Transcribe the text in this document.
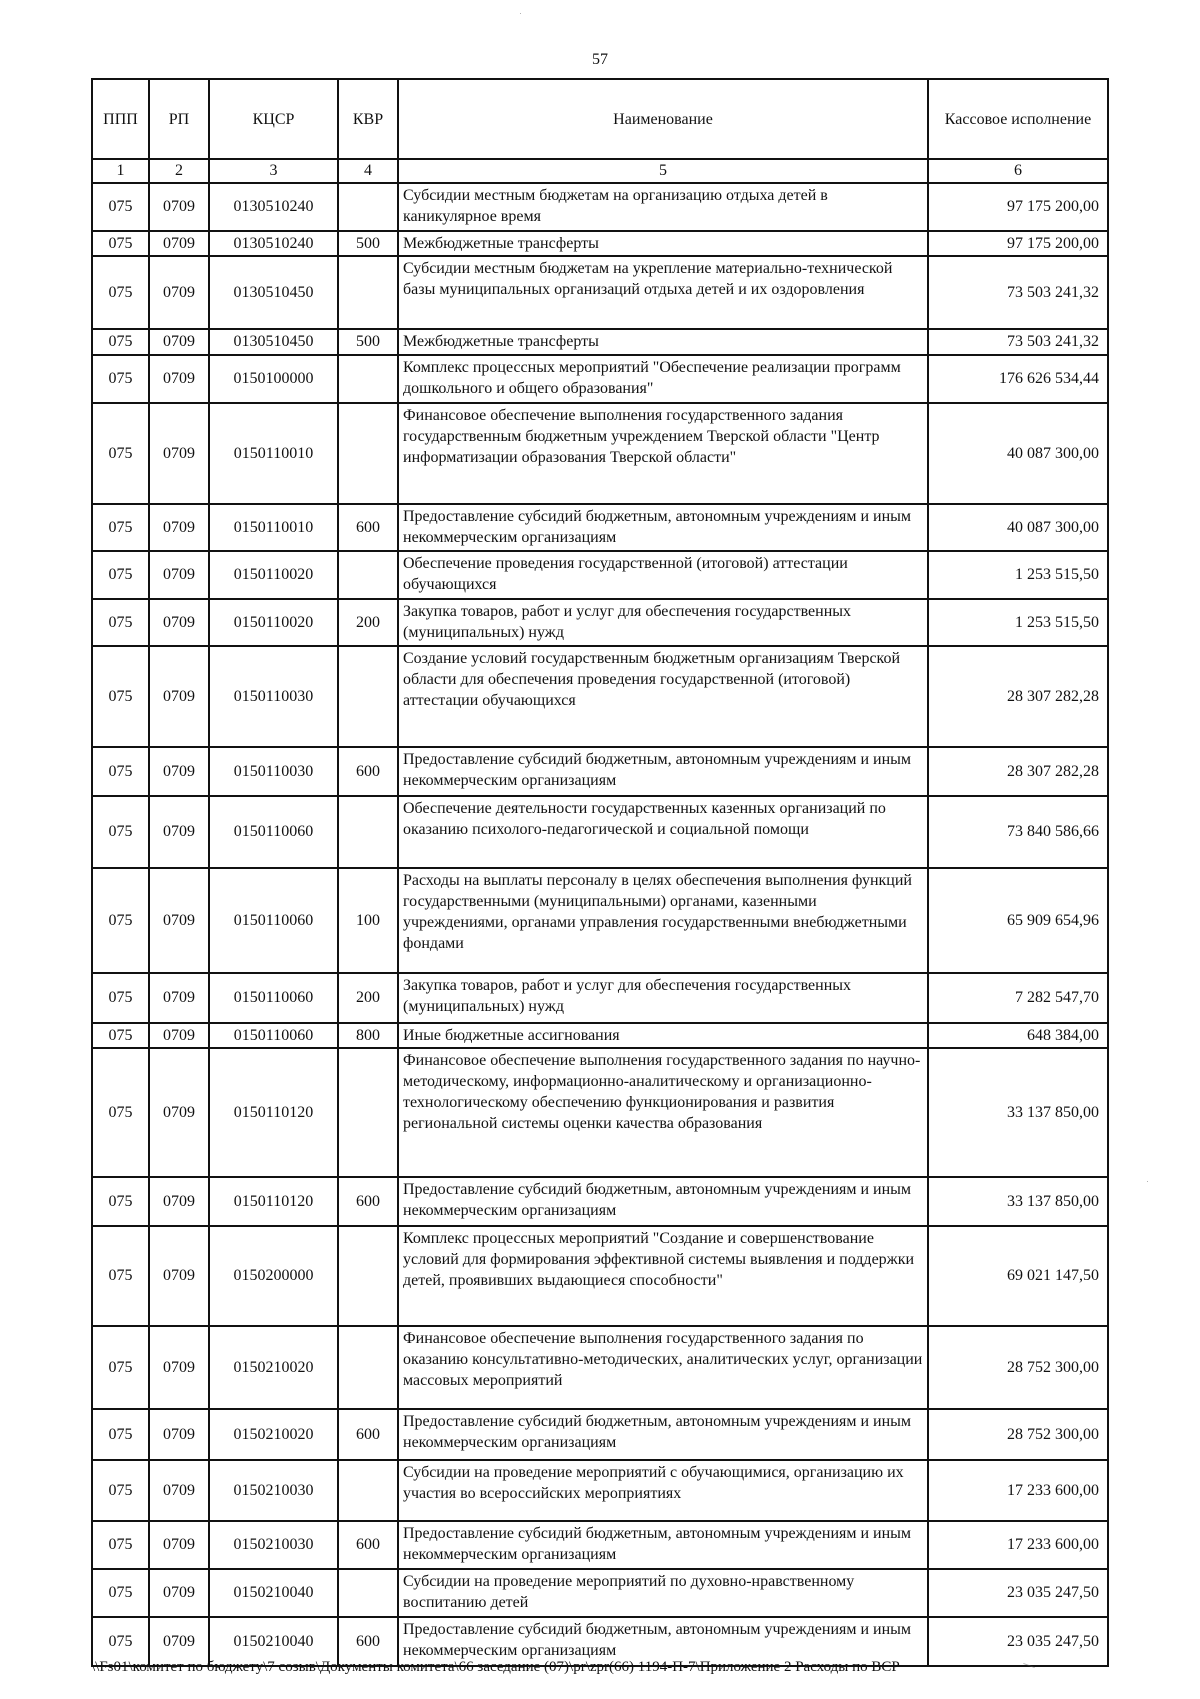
57
ППП	РП	КЦСР	КВР	Наименование	Кассовое исполнение
1	2	3	4	5	6
075	0709	0130510240		Субсидии местным бюджетам на организацию отдыха детей в каникулярное время	97 175 200,00
075	0709	0130510240	500	Межбюджетные трансферты	97 175 200,00
075	0709	0130510450		Субсидии местным бюджетам на укрепление материально-технической базы муниципальных организаций отдыха детей и их оздоровления	73 503 241,32
075	0709	0130510450	500	Межбюджетные трансферты	73 503 241,32
075	0709	0150100000		Комплекс процессных мероприятий "Обеспечение реализации программ дошкольного и общего образования"	176 626 534,44
075	0709	0150110010		Финансовое обеспечение выполнения государственного задания государственным бюджетным учреждением Тверской области "Центр информатизации образования Тверской области"	40 087 300,00
075	0709	0150110010	600	Предоставление субсидий бюджетным, автономным учреждениям и иным некоммерческим организациям	40 087 300,00
075	0709	0150110020		Обеспечение проведения государственной (итоговой) аттестации обучающихся	1 253 515,50
075	0709	0150110020	200	Закупка товаров, работ и услуг для обеспечения государственных (муниципальных) нужд	1 253 515,50
075	0709	0150110030		Создание условий государственным бюджетным организациям Тверской области для обеспечения проведения государственной (итоговой) аттестации обучающихся	28 307 282,28
075	0709	0150110030	600	Предоставление субсидий бюджетным, автономным учреждениям и иным некоммерческим организациям	28 307 282,28
075	0709	0150110060		Обеспечение деятельности государственных казенных организаций по оказанию психолого-педагогической и социальной помощи	73 840 586,66
075	0709	0150110060	100	Расходы на выплаты персоналу в целях обеспечения выполнения функций государственными (муниципальными) органами, казенными учреждениями, органами управления государственными внебюджетными фондами	65 909 654,96
075	0709	0150110060	200	Закупка товаров, работ и услуг для обеспечения государственных (муниципальных) нужд	7 282 547,70
075	0709	0150110060	800	Иные бюджетные ассигнования	648 384,00
075	0709	0150110120		Финансовое обеспечение выполнения государственного задания по научно-методическому, информационно-аналитическому и организационно-технологическому обеспечению функционирования и развития региональной системы оценки качества образования	33 137 850,00
075	0709	0150110120	600	Предоставление субсидий бюджетным, автономным учреждениям и иным некоммерческим организациям	33 137 850,00
075	0709	0150200000		Комплекс процессных мероприятий "Создание и совершенствование условий для формирования эффективной системы выявления и поддержки детей, проявивших выдающиеся способности"	69 021 147,50
075	0709	0150210020		Финансовое обеспечение выполнения государственного задания по оказанию консультативно-методических, аналитических услуг, организации массовых мероприятий	28 752 300,00
075	0709	0150210020	600	Предоставление субсидий бюджетным, автономным учреждениям и иным некоммерческим организациям	28 752 300,00
075	0709	0150210030		Субсидии на проведение мероприятий с обучающимися, организацию их участия во всероссийских мероприятиях	17 233 600,00
075	0709	0150210030	600	Предоставление субсидий бюджетным, автономным учреждениям и иным некоммерческим организациям	17 233 600,00
075	0709	0150210040		Субсидии на проведение мероприятий по духовно-нравственному воспитанию детей	23 035 247,50
075	0709	0150210040	600	Предоставление субсидий бюджетным, автономным учреждениям и иным некоммерческим организациям	23 035 247,50
\\Fs01\комитет по бюджету\7 созыв\Документы комитета\66 заседание (07)\pr\zpr(66) 1194-П-7\Приложение 2 Расходы по ВСР
